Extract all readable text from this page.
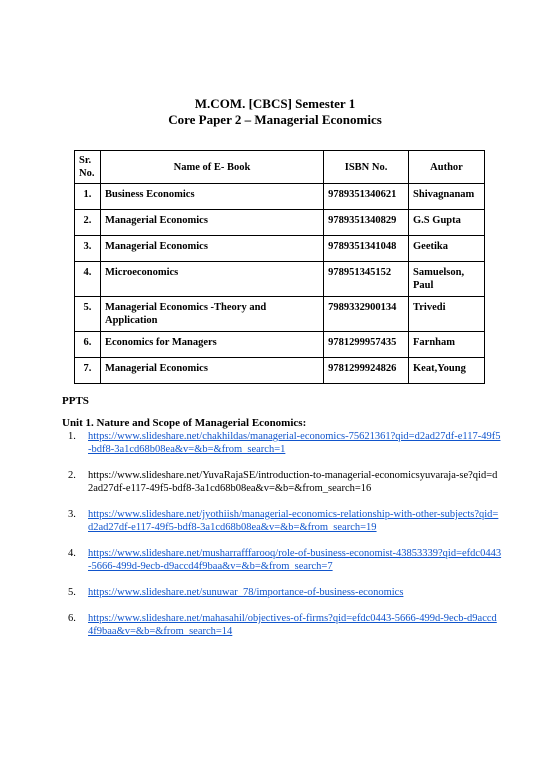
M.COM. [CBCS] Semester 1
Core Paper 2 – Managerial Economics
Sr. No.	Name of E- Book	ISBN No.	Author
1.	Business Economics	9789351340621	Shivagnanam
2.	Managerial Economics	9789351340829	G.S Gupta
3.	Managerial Economics	9789351341048	Geetika
4.	Microeconomics	978951345152	Samuelson, Paul
5.	Managerial Economics -Theory and Application	7989332900134	Trivedi
6.	Economics for Managers	9781299957435	Farnham
7.	Managerial Economics	9781299924826	Keat,Young
PPTS
Unit 1. Nature and Scope of Managerial Economics:
1. https://www.slideshare.net/chakhildas/managerial-economics-75621361?qid=d2ad27df-e117-49f5-bdf8-3a1cd68b08ea&v=&b=&from_search=1
2. https://www.slideshare.net/YuvaRajaSE/introduction-to-managerial-economicsyuvaraja-se?qid=d2ad27df-e117-49f5-bdf8-3a1cd68b08ea&v=&b=&from_search=16
3. https://www.slideshare.net/jyothiish/managerial-economics-relationship-with-other-subjects?qid=d2ad27df-e117-49f5-bdf8-3a1cd68b08ea&v=&b=&from_search=19
4. https://www.slideshare.net/musharrafffarooq/role-of-business-economist-43853339?qid=efdc0443-5666-499d-9ecb-d9accd4f9baa&v=&b=&from_search=7
5. https://www.slideshare.net/sunuwar_78/importance-of-business-economics
6. https://www.slideshare.net/mahasahil/objectives-of-firms?qid=efdc0443-5666-499d-9ecb-d9accd4f9baa&v=&b=&from_search=14
